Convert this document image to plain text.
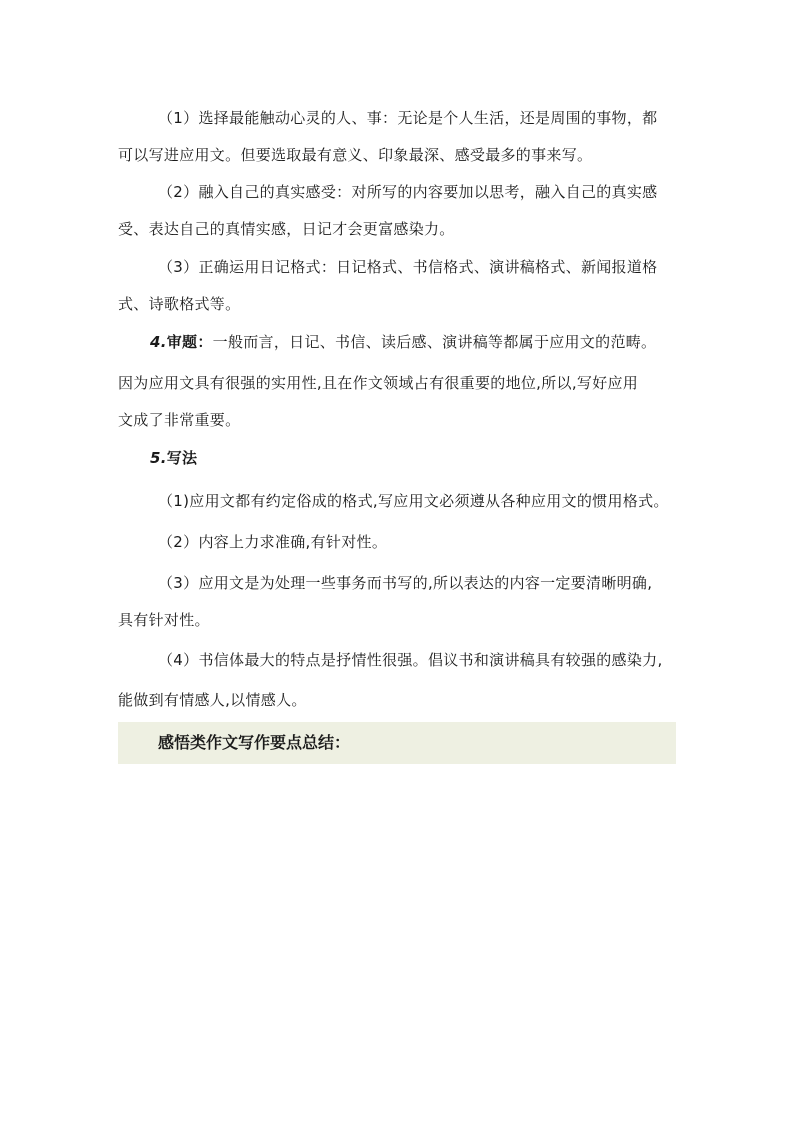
（1）选择最能触动心灵的人、事：无论是个人生活，还是周围的事物，都
可以写进应用文。但要选取最有意义、印象最深、感受最多的事来写。
（2）融入自己的真实感受：对所写的内容要加以思考，融入自己的真实感
受、表达自己的真情实感，日记才会更富感染力。
（3）正确运用日记格式：日记格式、书信格式、演讲稿格式、新闻报道格
式、诗歌格式等。
4.审题：一般而言，日记、书信、读后感、演讲稿等都属于应用文的范畴。
因为应用文具有很强的实用性,且在作文领域占有很重要的地位,所以,写好应用
文成了非常重要。
5.写法
（1)应用文都有约定俗成的格式,写应用文必须遵从各种应用文的惯用格式。
（2）内容上力求准确,有针对性。
（3）应用文是为处理一些事务而书写的,所以表达的内容一定要清晰明确,
具有针对性。
（4）书信体最大的特点是抒情性很强。倡议书和演讲稿具有较强的感染力,
能做到有情感人,以情感人。
感悟类作文写作要点总结：
